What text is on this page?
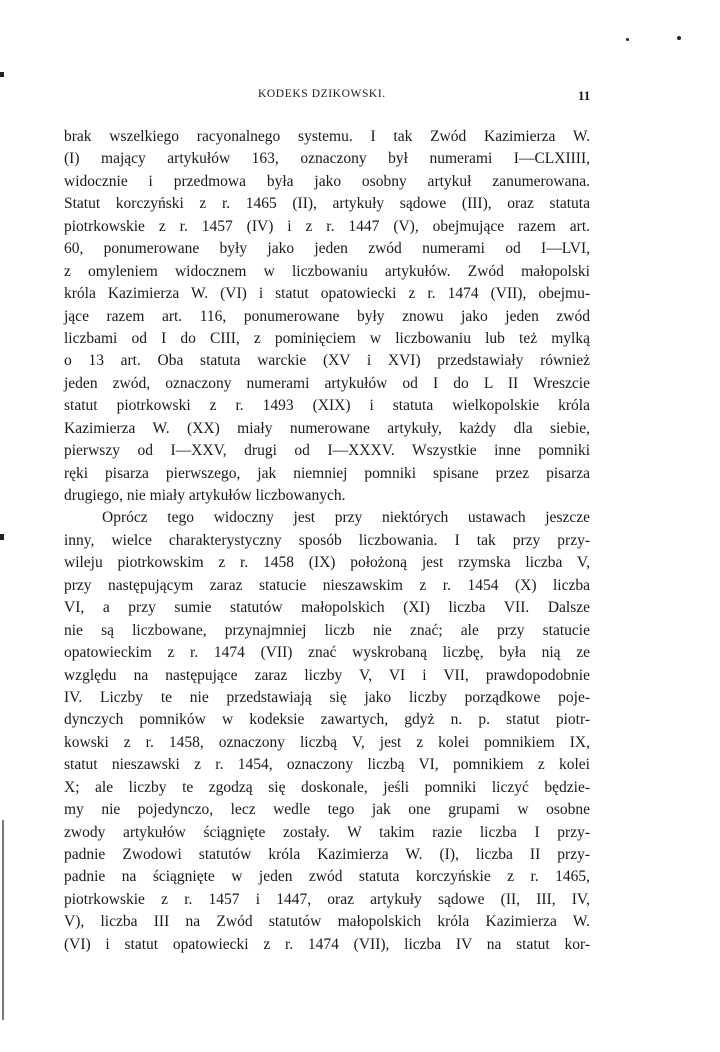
KODEKS DZIKOWSKI.	11
brak wszelkiego racyonalnego systemu. I tak Zwód Kazimierza W.
(I) mający artykułów 163, oznaczony był numerami I—CLXIIII,
widocznie i przedmowa była jako osobny artykuł zanumerowana.
Statut korczyński z r. 1465 (II), artykuły sądowe (III), oraz statuta
piotrkowskie z r. 1457 (IV) i z r. 1447 (V), obejmujące razem art.
60, ponumerowane były jako jeden zwód numerami od I—LVI,
z omyleniem widocznem w liczbowaniu artykułów. Zwód małopolski
króla Kazimierza W. (VI) i statut opatowiecki z r. 1474 (VII), obejmu-
jące razem art. 116, ponumerowane były znowu jako jeden zwód
liczbami od I do CIII, z pominięciem w liczbowaniu lub też mylką
o 13 art. Oba statuta warckie (XV i XVI) przedstawiały również
jeden zwód, oznaczony numerami artykułów od I do L II Wreszcie
statut piotrkowski z r. 1493 (XIX) i statuta wielkopolskie króla
Kazimierza W. (XX) miały numerowane artykuły, każdy dla siebie,
pierwszy od I—XXV, drugi od I—XXXV. Wszystkie inne pomniki
ręki pisarza pierwszego, jak niemniej pomniki spisane przez pisarza
drugiego, nie miały artykułów liczbowanych.
Oprócz tego widoczny jest przy niektórych ustawach jeszcze
inny, wielce charakterystyczny sposób liczbowania. I tak przy przy-
wileju piotrkowskim z r. 1458 (IX) położoną jest rzymska liczba V,
przy następującym zaraz statucie nieszawskim z r. 1454 (X) liczba
VI, a przy sumie statutów małopolskich (XI) liczba VII. Dalsze
nie są liczbowane, przynajmniej liczb nie znać; ale przy statucie
opatowieckim z r. 1474 (VII) znać wyskrobaną liczbę, była nią ze
względu na następujące zaraz liczby V, VI i VII, prawdopodobnie
IV. Liczby te nie przedstawiają się jako liczby porządkowe poje-
dynczych pomników w kodeksie zawartych, gdyż n. p. statut piotr-
kowski z r. 1458, oznaczony liczbą V, jest z kolei pomnikiem IX,
statut nieszawski z r. 1454, oznaczony liczbą VI, pomnikiem z kolei
X; ale liczby te zgodzą się doskonale, jeśli pomniki liczyć będzie-
my nie pojedynczo, lecz wedle tego jak one grupami w osobne
zwody artykułów ściągnięte zostały. W takim razie liczba I przy-
padnie Zwodowi statutów króla Kazimierza W. (I), liczba II przy-
padnie na ściągnięte w jeden zwód statuta korczyńskie z r. 1465,
piotrkowskie z r. 1457 i 1447, oraz artykuły sądowe (II, III, IV,
V), liczba III na Zwód statutów małopolskich króla Kazimierza W.
(VI) i statut opatowiecki z r. 1474 (VII), liczba IV na statut kor-
